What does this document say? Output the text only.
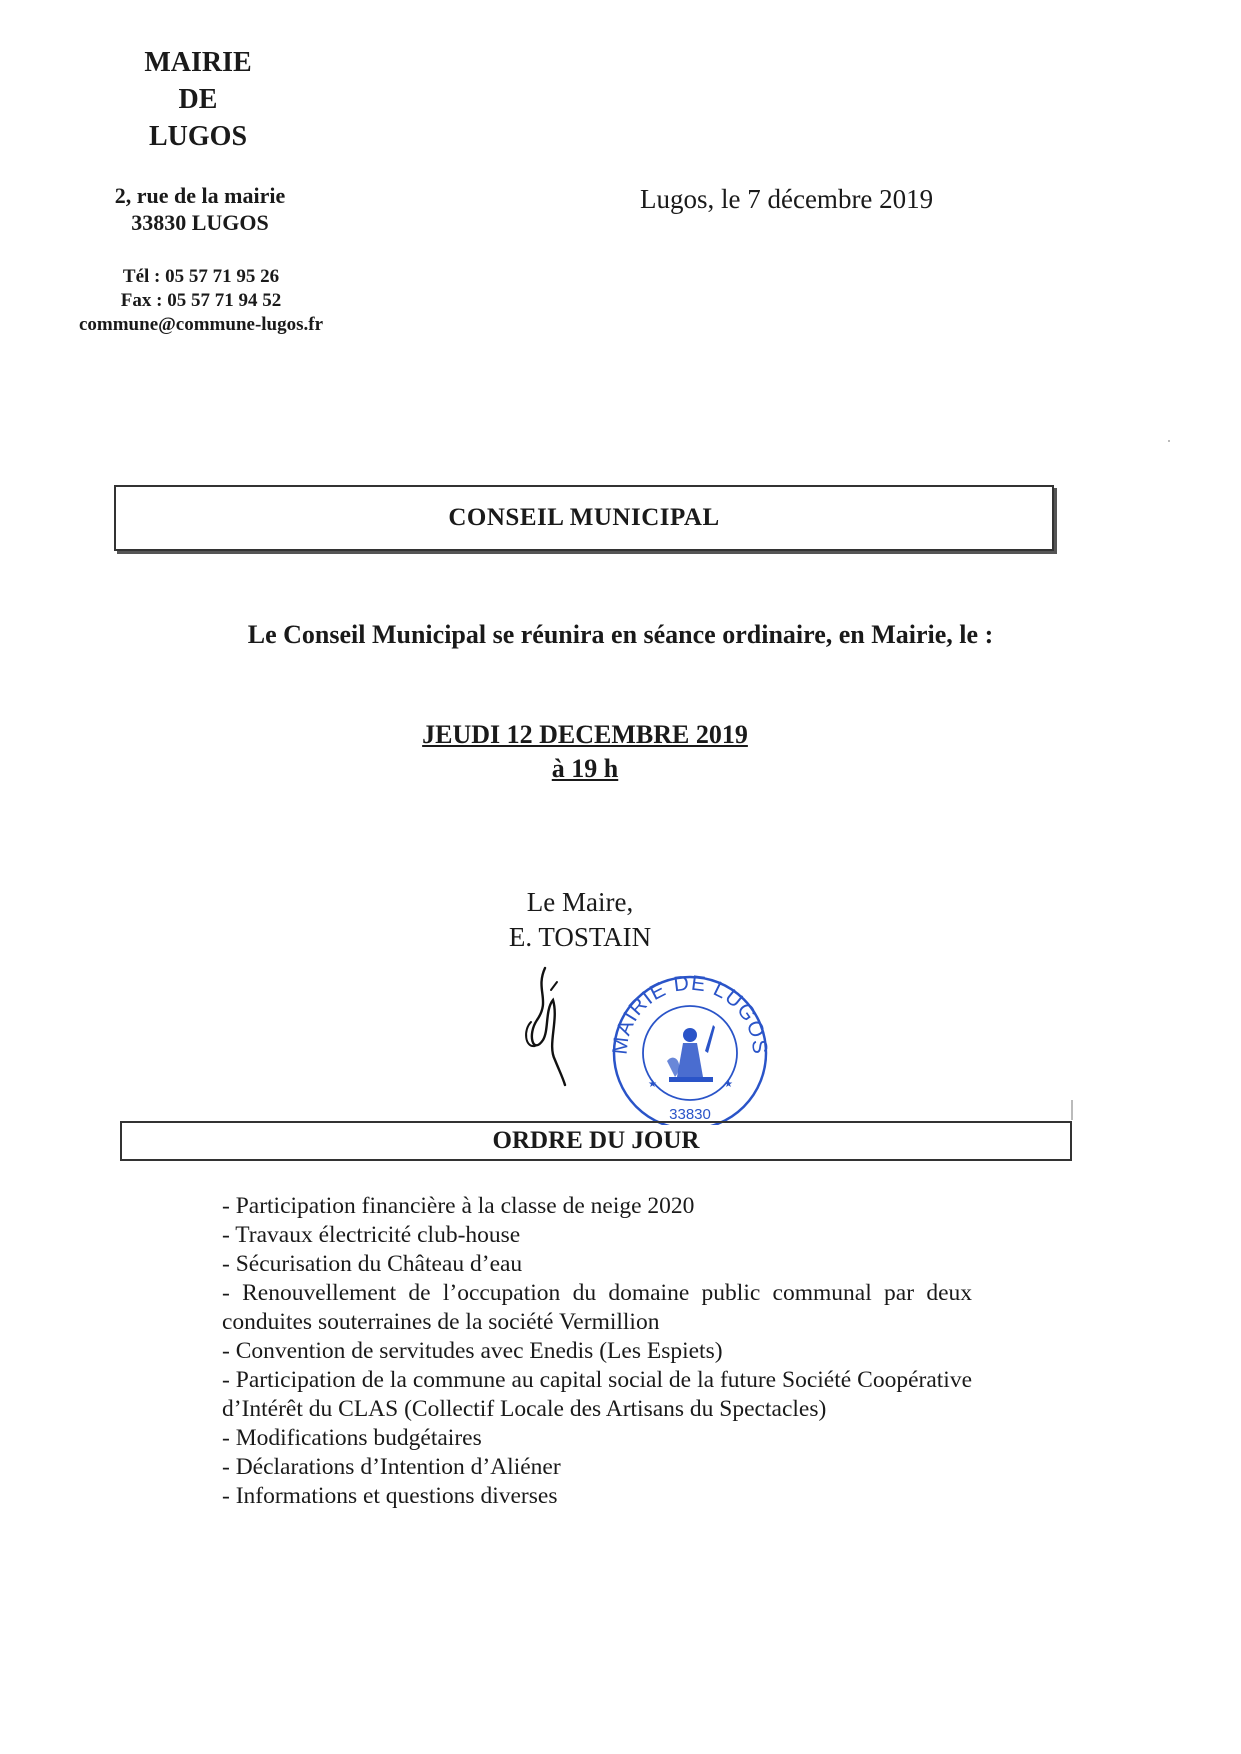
MAIRIE
DE
LUGOS
2, rue de la mairie
33830 LUGOS
Tél : 05 57 71 95 26
Fax : 05 57 71 94 52
commune@commune-lugos.fr
Lugos, le 7 décembre 2019
CONSEIL MUNICIPAL
Le Conseil Municipal se réunira en séance ordinaire, en Mairie, le :
JEUDI 12 DECEMBRE 2019
à 19 h
Le Maire,
E. TOSTAIN
MAIRIE DE LUGOS
★	★
33830
ORDRE DU JOUR
- Participation financière à la classe de neige 2020
- Travaux électricité club-house
- Sécurisation du Château d’eau
- Renouvellement de l’occupation du domaine public communal par deux conduites souterraines de la société Vermillion
- Convention de servitudes avec Enedis (Les Espiets)
- Participation de la commune au capital social de la future Société Coopérative d’Intérêt du CLAS (Collectif Locale des Artisans du Spectacles)
- Modifications budgétaires
- Déclarations d’Intention d’Aliéner
- Informations et questions diverses
